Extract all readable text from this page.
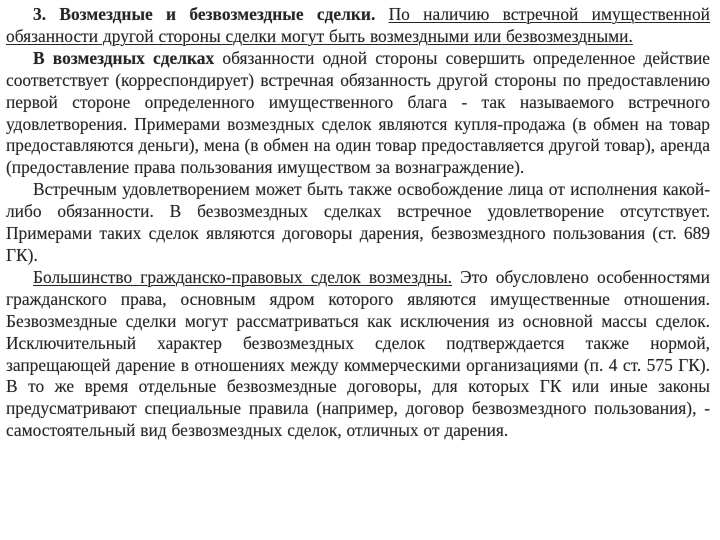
3. Возмездные и безвозмездные сделки. По наличию встречной имущественной обязанности другой стороны сделки могут быть возмездными или безвозмездными.

В возмездных сделках обязанности одной стороны совершить определенное действие соответствует (корреспондирует) встречная обязанность другой стороны по предоставлению первой стороне определенного имущественного блага - так называемого встречного удовлетворения. Примерами возмездных сделок являются купля-продажа (в обмен на товар предоставляются деньги), мена (в обмен на один товар предоставляется другой товар), аренда (предоставление права пользования имуществом за вознаграждение).

Встречным удовлетворением может быть также освобождение лица от исполнения какой-либо обязанности. В безвозмездных сделках встречное удовлетворение отсутствует. Примерами таких сделок являются договоры дарения, безвозмездного пользования (ст. 689 ГК).

Большинство гражданско-правовых сделок возмездны. Это обусловлено особенностями гражданского права, основным ядром которого являются имущественные отношения. Безвозмездные сделки могут рассматриваться как исключения из основной массы сделок. Исключительный характер безвозмездных сделок подтверждается также нормой, запрещающей дарение в отношениях между коммерческими организациями (п. 4 ст. 575 ГК). В то же время отдельные безвозмездные договоры, для которых ГК или иные законы предусматривают специальные правила (например, договор безвозмездного пользования), - самостоятельный вид безвозмездных сделок, отличных от дарения.
